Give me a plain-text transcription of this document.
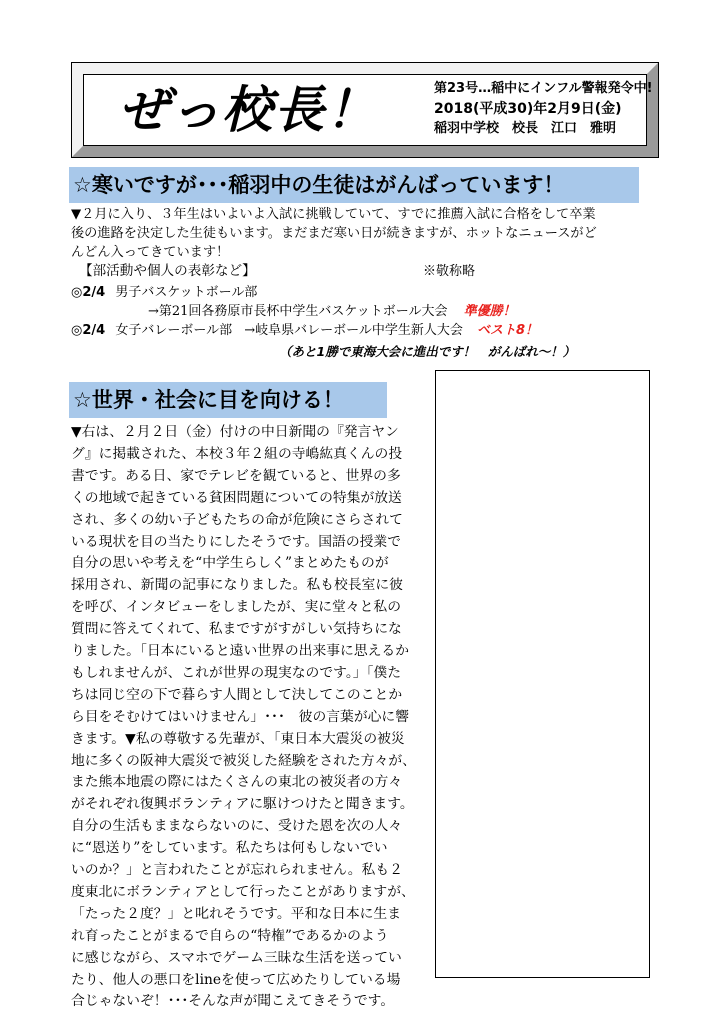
ぜっ校長！	第23号…稲中にインフル警報発令中!
2018(平成30)年2月9日(金)
稲羽中学校　校長　江口　雅明
☆寒いですが･･･稲羽中の生徒はがんばっています！
▼２月に入り、３年生はいよいよ入試に挑戦していて、すでに推薦入試に合格をして卒業
後の進路を決定した生徒もいます。まだまだ寒い日が続きますが、ホットなニュースがど
んどん入ってきています！
【部活動や個人の表彰など】	※敬称略
◎2/4 男子バスケットボール部
→第21回各務原市長杯中学生バスケットボール大会 準優勝！
◎2/4 女子バレーボール部 →岐阜県バレーボール中学生新人大会 ベスト8！
（あと1勝で東海大会に進出です！　がんばれ～！）
☆世界・社会に目を向ける！
▼右は、２月２日（金）付けの中日新聞の『発言ヤン
グ』に掲載された、本校３年２組の寺嶋紘真くんの投
書です。ある日、家でテレビを観ていると、世界の多
くの地域で起きている貧困問題についての特集が放送
され、多くの幼い子どもたちの命が危険にさらされて
いる現状を目の当たりにしたそうです。国語の授業で
自分の思いや考えを“中学生らしく”まとめたものが
採用され、新聞の記事になりました。私も校長室に彼
を呼び、インタビューをしましたが、実に堂々と私の
質問に答えてくれて、私まですがすがしい気持ちにな
りました。「日本にいると遠い世界の出来事に思えるか
もしれませんが、これが世界の現実なのです。」「僕た
ちは同じ空の下で暮らす人間として決してこのことか
ら目をそむけてはいけません」･･･　彼の言葉が心に響
きます。▼私の尊敬する先輩が、「東日本大震災の被災
地に多くの阪神大震災で被災した経験をされた方々が、
また熊本地震の際にはたくさんの東北の被災者の方々
がそれぞれ復興ボランティアに駆けつけたと聞きます。
自分の生活もままならないのに、受けた恩を次の人々
に“恩送り”をしています。私たちは何もしないでい
いのか？」と言われたことが忘れられません。私も２
度東北にボランティアとして行ったことがありますが、
「たった２度？」と叱れそうです。平和な日本に生ま
れ育ったことがまるで自らの“特権”であるかのよう
に感じながら、スマホでゲーム三昧な生活を送ってい
たり、他人の悪口をlineを使って広めたりしている場
合じゃないぞ！･･･そんな声が聞こえてきそうです。
